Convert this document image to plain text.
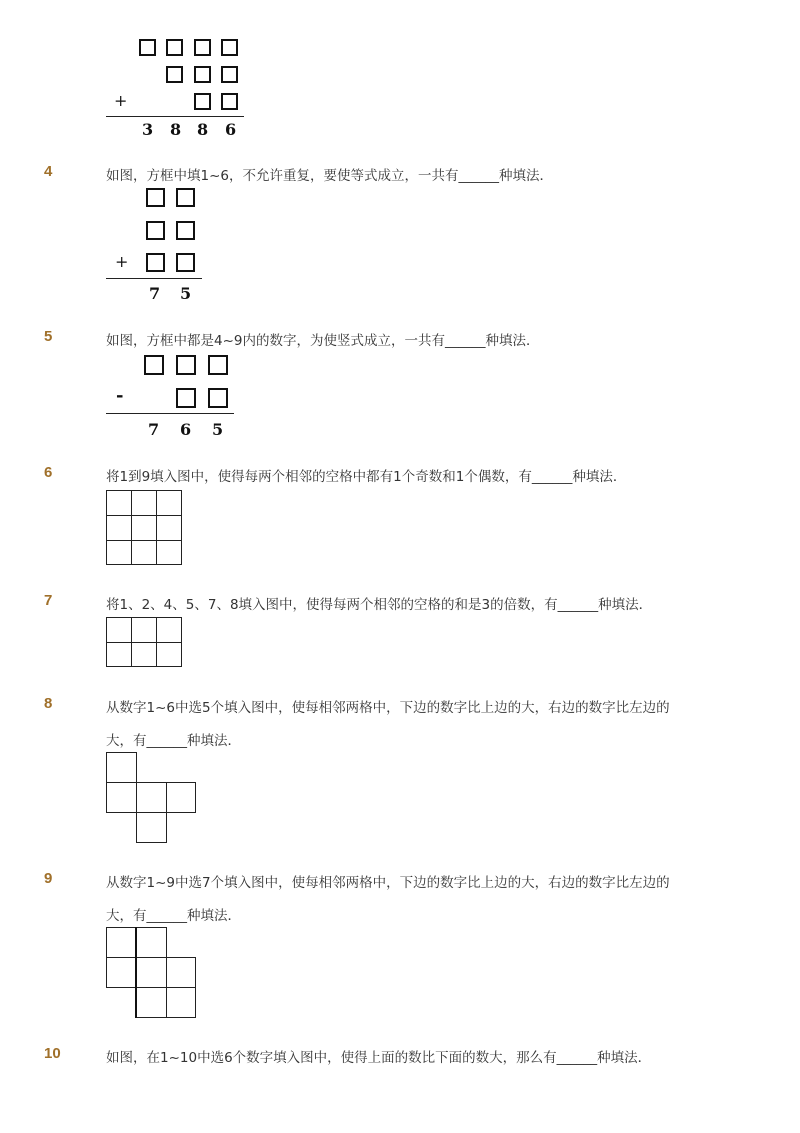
+
3 8 8 6
4	如图，方框中填1~6，不允许重复，要使等式成立，一共有______种填法．
+
7 5
5	如图，方框中都是4~9内的数字，为使竖式成立，一共有______种填法．
-
7 6 5
6	将1到9填入图中，使得每两个相邻的空格中都有1个奇数和1个偶数，有______种填法．
7	将1、2、4、5、7、8填入图中，使得每两个相邻的空格的和是3的倍数，有______种填法．
8	从数字1~6中选5个填入图中，使每相邻两格中，下边的数字比上边的大，右边的数字比左边的
大，有______种填法．
9	从数字1~9中选7个填入图中，使每相邻两格中，下边的数字比上边的大，右边的数字比左边的
大，有______种填法．
10	如图，在1~10中选6个数字填入图中，使得上面的数比下面的数大，那么有______种填法．
